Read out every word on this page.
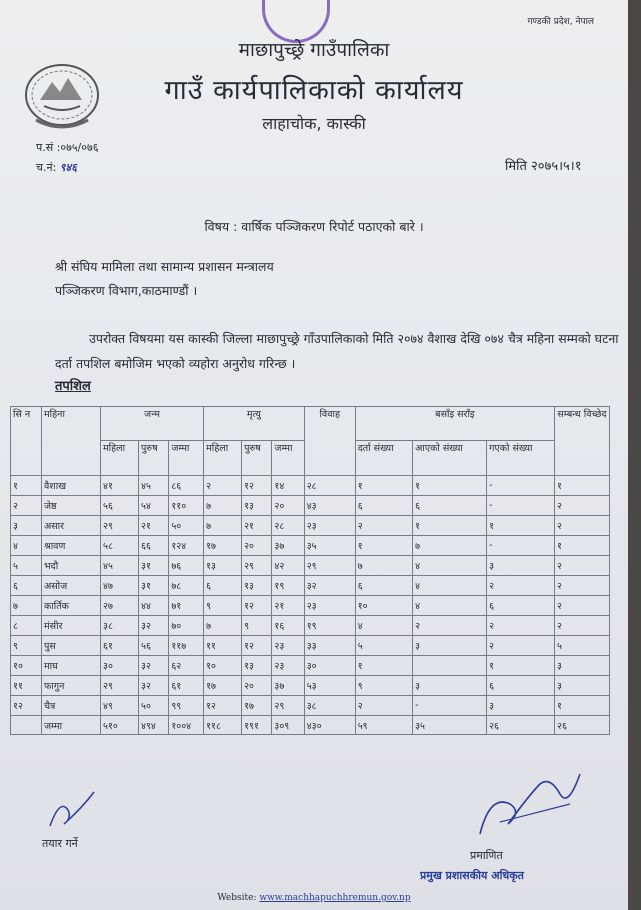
गण्डकी प्रदेश, नेपाल
माछापुच्छ्रे गाउँपालिका
गाउँ कार्यपालिकाको कार्यालय
लाहाचोक, कास्की
प.सं :०७५/०७६
च.नं: ९४६	मिति २०७५।५।१
विषय : वार्षिक पञ्जिकरण रिपोर्ट पठाएको बारे ।
श्री संघिय मामिला तथा सामान्य प्रशासन मन्त्रालय
पञ्जिकरण विभाग,काठमाण्डौं ।
उपरोक्त विषयमा यस कास्की जिल्ला माछापुच्छ्रे गाँउपालिकाको मिति २०७४ वैशाख देखि ०७४ चैत्र महिना सम्मको घटना दर्ता तपशिल बमोजिम भएको व्यहोरा अनुरोध गरिन्छ ।
तपशिल
सि न	महिना	जन्म			मृत्यु			विवाह	बसाँइ सराँइ			सम्बन्ध विच्छेद
		महिला	पुरुष	जम्मा	महिला	पुरुष	जम्मा		दर्ता संख्या	आएको संख्या	गएको संख्या	
१	वैशाख	४१	४५	८६	२	१२	१४	२८	१	१	-	१
२	जेष्ठ	५६	५४	११०	७	१३	२०	४३	६	६	-	२
३	असार	२९	२१	५०	७	२१	२८	२३	२	१	१	२
४	श्रावण	५८	६६	१२४	१७	२०	३७	३५	१	७	-	१
५	भदौ	४५	३१	७६	१३	२९	४२	२९	७	४	३	२
६	असोज	४७	३१	७८	६	१३	१९	३२	६	४	२	२
७	कार्तिक	२७	४४	७१	९	१२	२१	२३	१०	४	६	२
८	मंसीर	३८	३२	७०	७	९	१६	१९	४	२	२	२
९	पुस	६१	५६	११७	११	१२	२३	३३	५	३	२	५
१०	माघ	३०	३२	६२	१०	१३	२३	३०	१		१	३
११	फागुन	२९	३२	६१	१७	२०	३७	५३	९	३	६	३
१२	चैत्र	४९	५०	९९	१२	१७	२९	३८	२	-	३	१
	जम्मा	५१०	४९४	१००४	११८	१९१	३०९	४३०	५९	३५	२६	२६
तयार गर्ने
प्रमाणित
प्रमुख प्रशासकीय अधिकृत
Website: www.machhapuchhremun.gov.np
